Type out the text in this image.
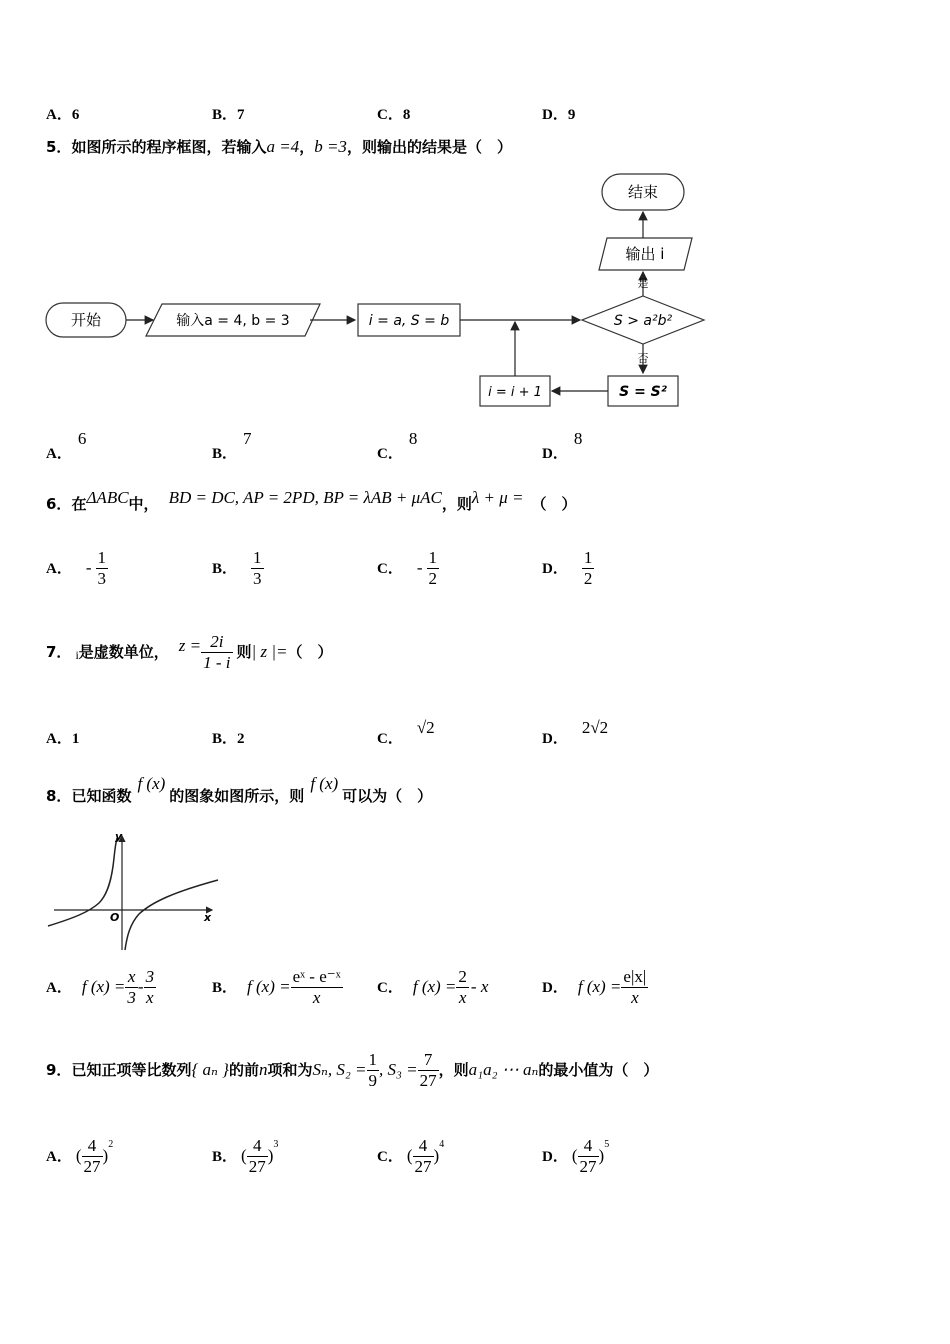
A．6	B．7	C．8	D．9
5．如图所示的程序框图，若输入a =4，b =3，则输出的结果是（　）
开始	输入a = 4, b = 3	i = a, S = b	S > a²b²
是
输出 i
结束
否
S = S²
i = i + 1
A．6
B．7
C．8
D．8
6．在ΔABC中， BD = DC, AP = 2PD, BP = λAB + μAC，则λ + μ = （　）
A． - $\frac{1}{3}$	B． $\frac{1}{3}$	C． - $\frac{1}{2}$	D． $\frac{1}{2}$
7． i是虚数单位， $z = \frac{2i}{1 - i}$ 则| z |=（　）
A．1	B．2	C．√2
D．2√2
8．已知函数f (x)的图象如图所示，则f (x)可以为（　）
y
O	x
A． f $(x) = \frac{x}{3} - \frac{3}{x}$	B． f $(x) = \frac{\text{eˣ - e⁻ˣ}}{x}$ C． f $(x) = \frac{2}{x} - x$	D． f $(x) = \frac{e|x|}{x}$
9．已知正项等比数列{ aₙ }的前n项和为Sₙ, $S_2 = \frac{1}{9}$ , $S_3 = \frac{7}{27}$ ，则a₁a₂ ⋯ aₙ的最小值为（　）
A． ( $\frac{4}{27} )^2$
B． ( $\frac{4}{27} )^3$
C． ( $\frac{4}{27} )^4$
D． ( $\frac{4}{27} )^5$
